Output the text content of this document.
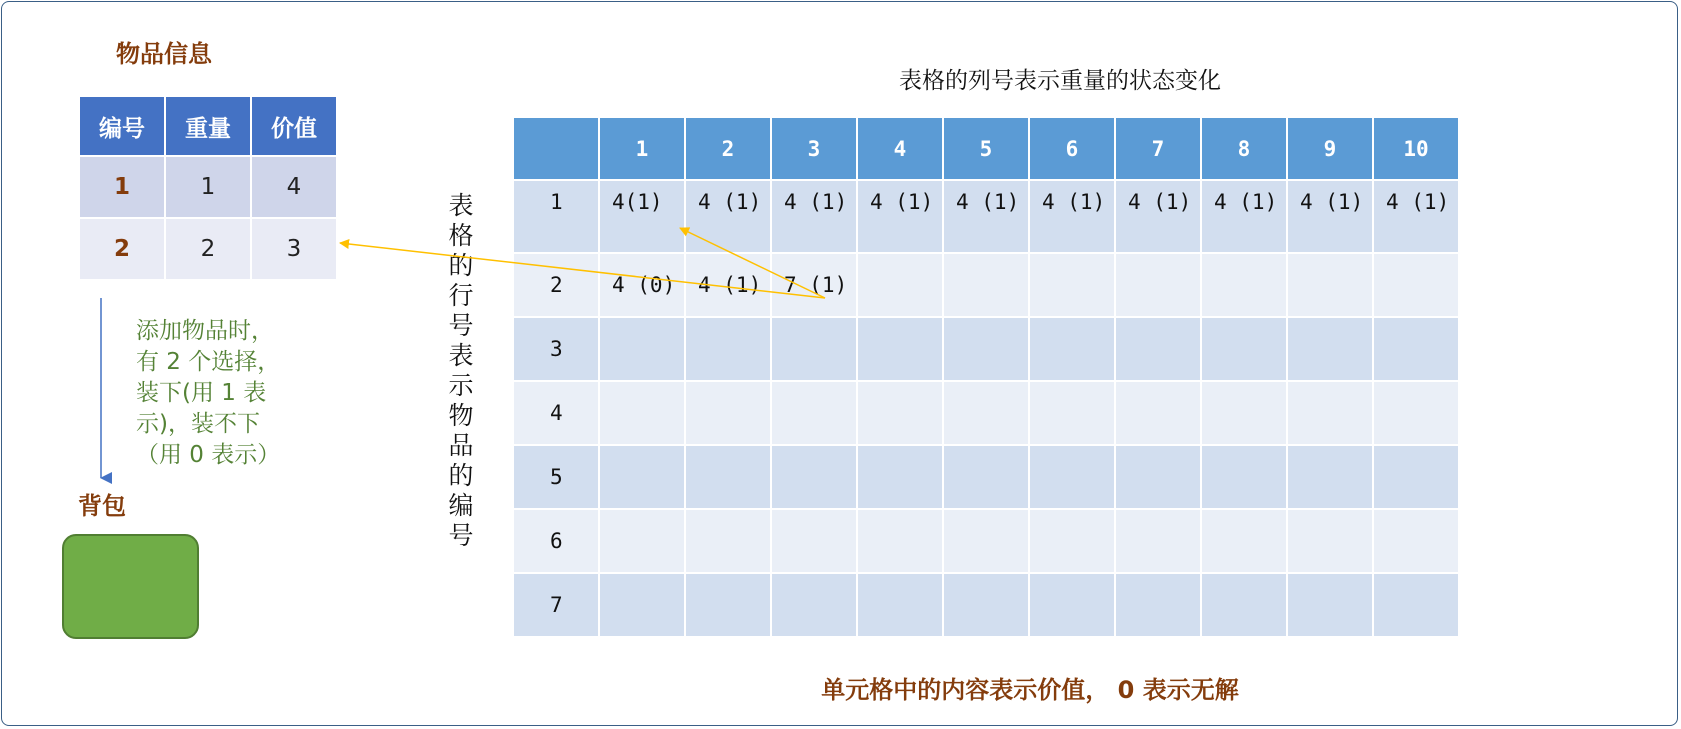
物品信息
编号	重量	价值
1	1	4
2	2	3
添加物品时，有 2 个选择，装下(用 1 表示)，装不下（用 0 表示）
背包
表格的列号表示重量的状态变化
表格的行号表示物品的编号
	1	2	3	4	5	6	7	8	9	10
1	4(1)	4 (1)	4 (1)	4 (1)	4 (1)	4 (1)	4 (1)	4 (1)	4 (1)	4 (1)
2	4 (0)	4 (1)	7 (1)							
3										
4										
5										
6										
7										
单元格中的内容表示价值， 0 表示无解
